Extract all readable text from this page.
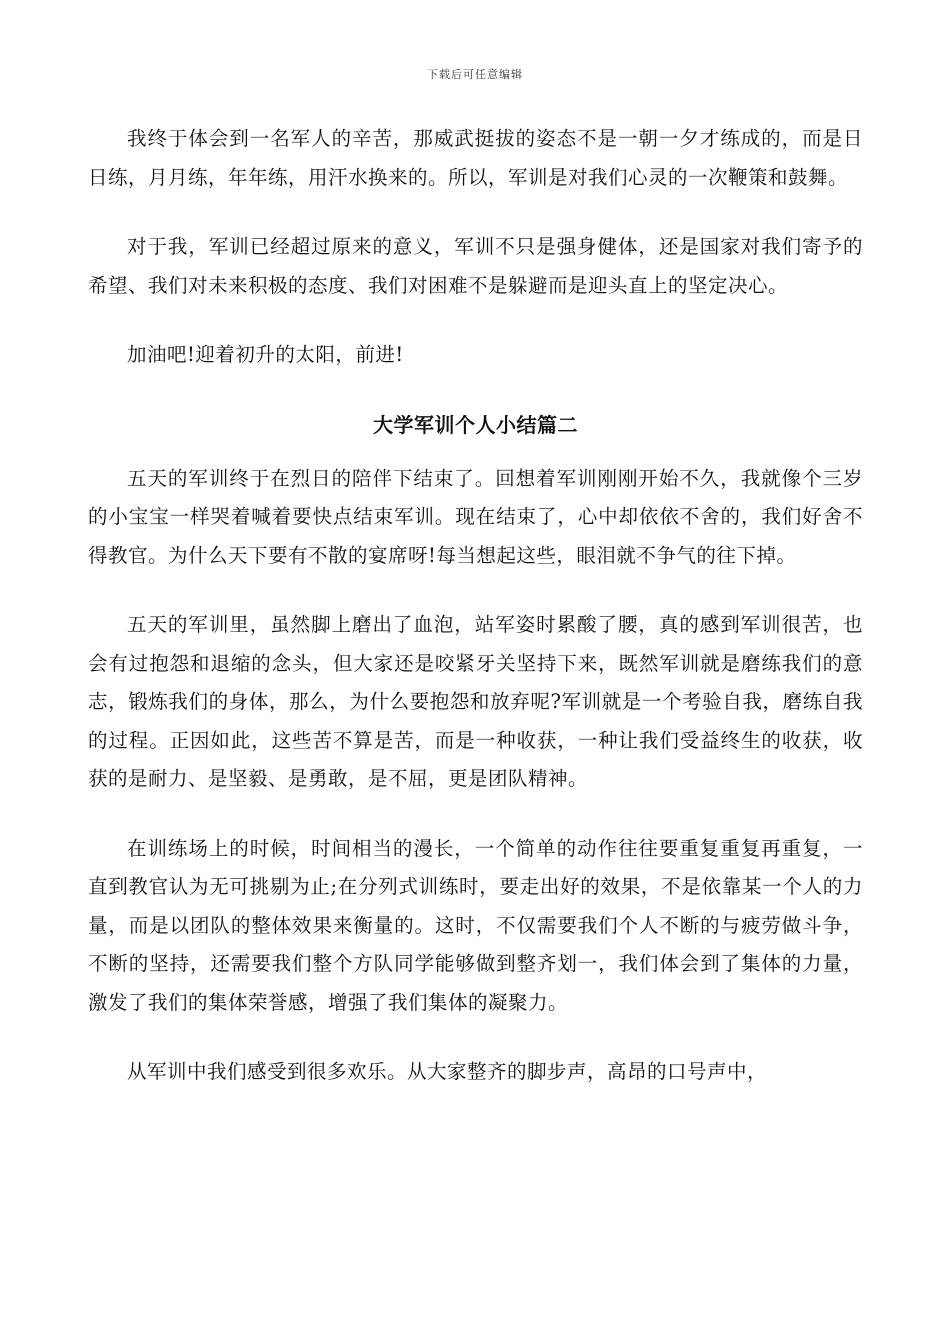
下载后可任意编辑

我终于体会到一名军人的辛苦，那威武挺拔的姿态不是一朝一夕才练成的，而是日日练，月月练，年年练，用汗水换来的。所以，军训是对我们心灵的一次鞭策和鼓舞。

对于我，军训已经超过原来的意义，军训不只是强身健体，还是国家对我们寄予的希望、我们对未来积极的态度、我们对困难不是躲避而是迎头直上的坚定决心。

加油吧!迎着初升的太阳，前进!

大学军训个人小结篇二

五天的军训终于在烈日的陪伴下结束了。回想着军训刚刚开始不久，我就像个三岁的小宝宝一样哭着喊着要快点结束军训。现在结束了，心中却依依不舍的，我们好舍不得教官。为什么天下要有不散的宴席呀!每当想起这些，眼泪就不争气的往下掉。

五天的军训里，虽然脚上磨出了血泡，站军姿时累酸了腰，真的感到军训很苦，也会有过抱怨和退缩的念头，但大家还是咬紧牙关坚持下来，既然军训就是磨练我们的意志，锻炼我们的身体，那么，为什么要抱怨和放弃呢?军训就是一个考验自我，磨练自我的过程。正因如此，这些苦不算是苦，而是一种收获，一种让我们受益终生的收获，收获的是耐力、是坚毅、是勇敢，是不屈，更是团队精神。

在训练场上的时候，时间相当的漫长，一个简单的动作往往要重复重复再重复，一直到教官认为无可挑剔为止;在分列式训练时，要走出好的效果，不是依靠某一个人的力量，而是以团队的整体效果来衡量的。这时，不仅需要我们个人不断的与疲劳做斗争，不断的坚持，还需要我们整个方队同学能够做到整齐划一，我们体会到了集体的力量，激发了我们的集体荣誉感，增强了我们集体的凝聚力。

从军训中我们感受到很多欢乐。从大家整齐的脚步声，高昂的口号声中，
